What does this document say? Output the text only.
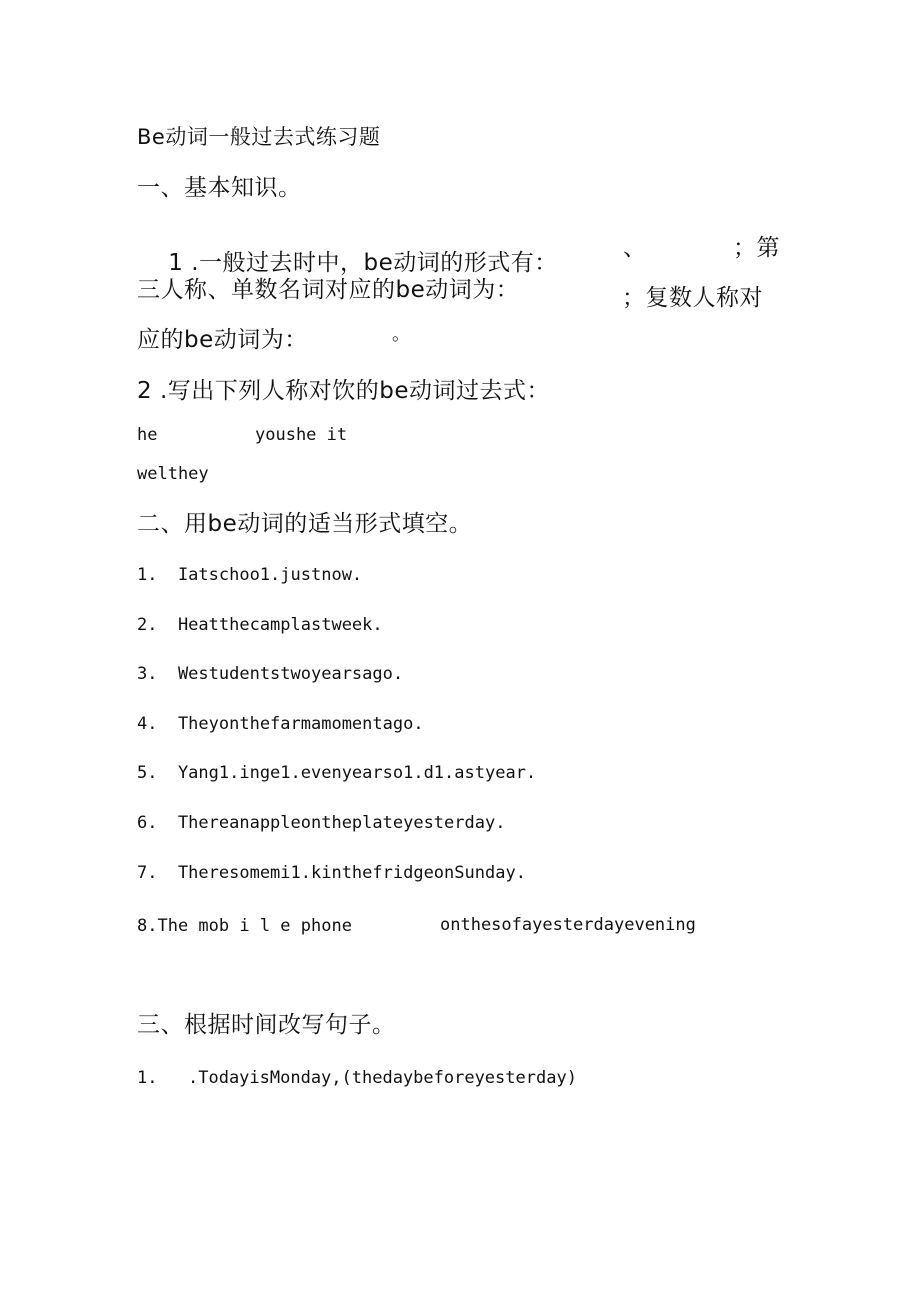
Be动词一般过去式练习题
一、基本知识。

1 .一般过去时中，be动词的形式有：

、	；第
三人称、单数名词对应的be动词为：	；复数人称对
应的be动词为：	。
2 .写出下列人称对饮的be动词过去式：
he	youshe it
welthey
二、用be动词的适当形式填空。
1.  Iatschoo1.justnow.
2.  Heatthecamplastweek.
3.  Westudentstwoyearsago.
4.  Theyonthefarmamomentago.
5.  Yang1.inge1.evenyearso1.d1.astyear.
6.  Thereanappleontheplateyesterday.
7.  Theresomemi1.kinthefridgeonSunday.
8.The mob i l e phone	onthesofayesterdayevening
三、根据时间改写句子。
1. .TodayisMonday,(thedaybeforeyesterday)
